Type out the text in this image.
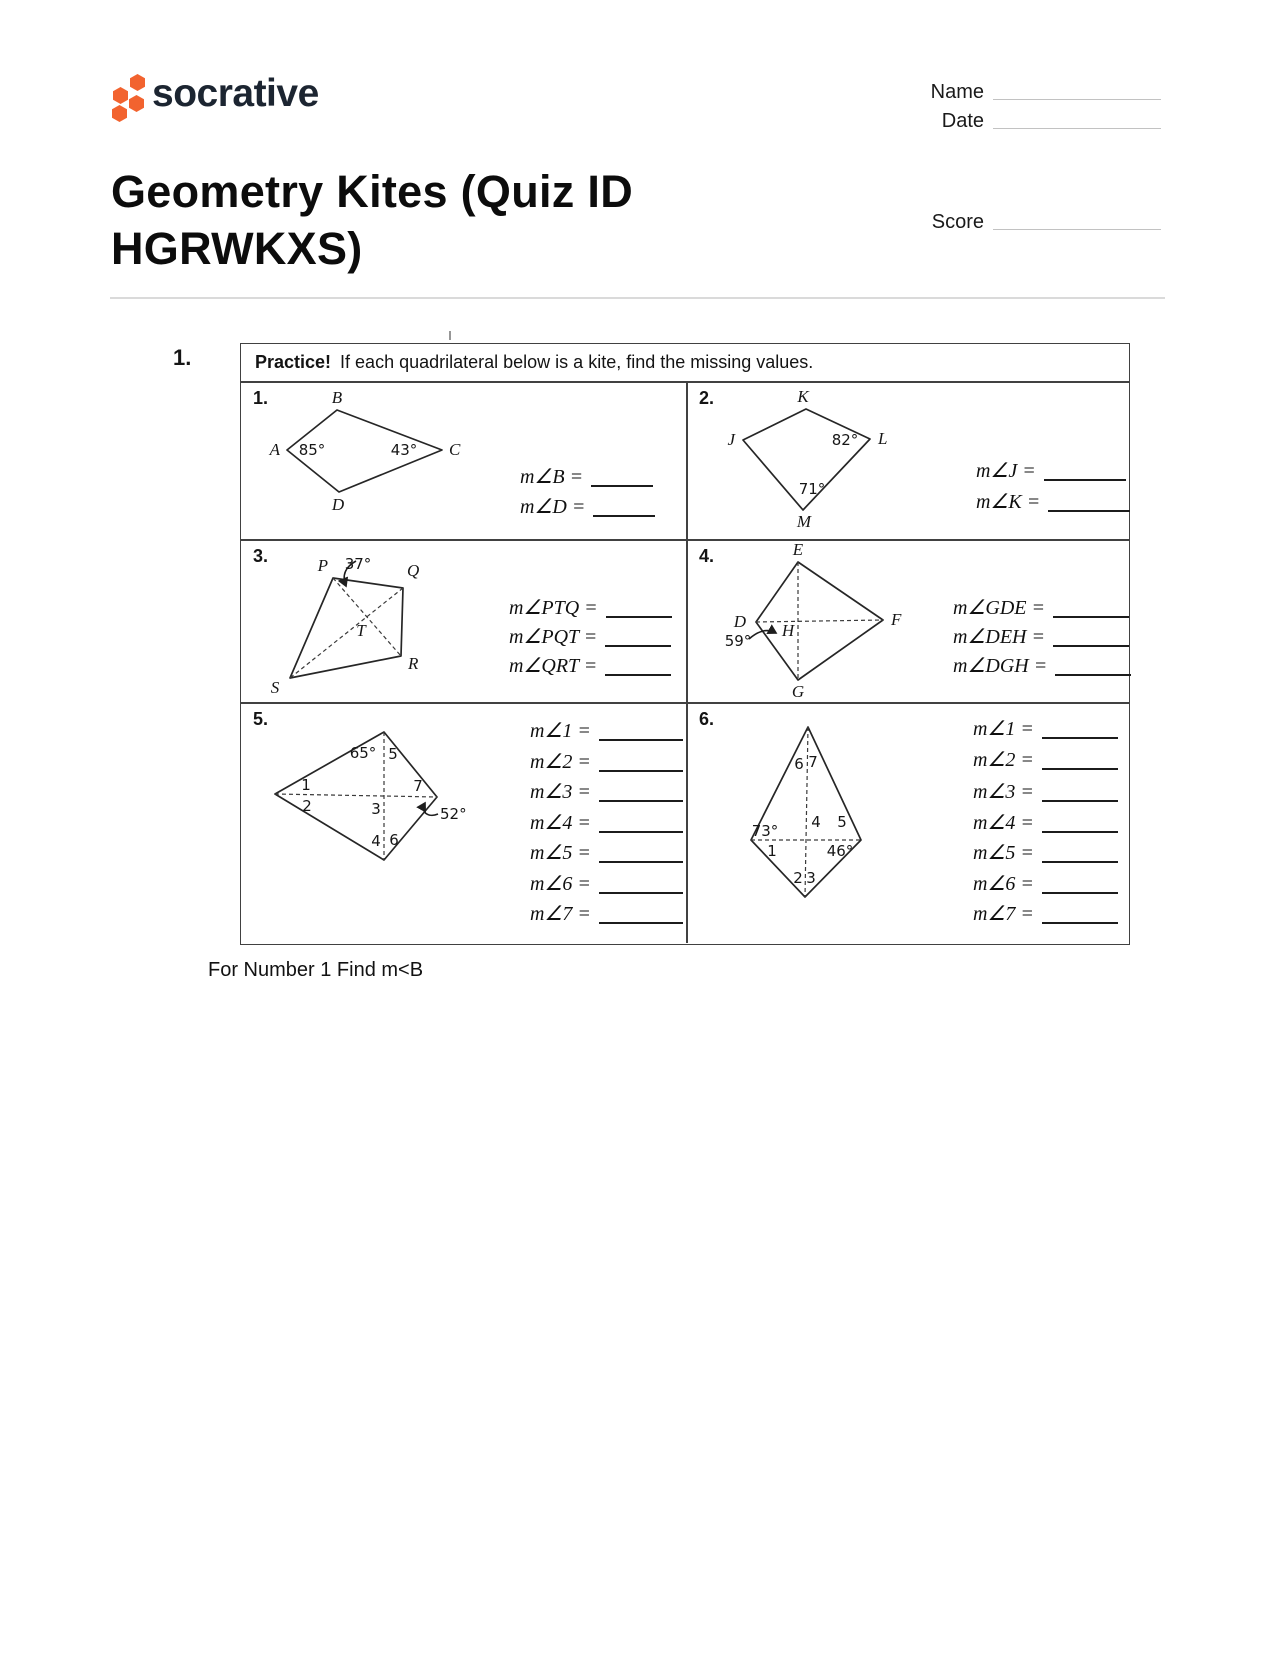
socrative	Name
Date
Geometry Kites (Quiz ID
HGRWKXS)
Score
1.	Practice! If each quadrilateral below is a kite, find the missing values.
1.	B
A	C
D
85°	43°
m∠B =
m∠D =
2.	K
J	L
M
82°
71°
m∠J =
m∠K =
3.	P 37° Q
R
S
T
m∠PTQ =
m∠PQT =
m∠QRT =
4.	E
D	F
G
H
59°
m∠GDE =
m∠DEH =
m∠DGH =
5.
65° 5
1
2
7
3
4 6
52°
m∠1 =
m∠2 =
m∠3 =
m∠4 =
m∠5 =
m∠6 =
m∠7 =
6.
6 7
73°
1
4 5
46°
2 3
m∠1 =
m∠2 =
m∠3 =
m∠4 =
m∠5 =
m∠6 =
m∠7 =
For Number 1 Find m<B
